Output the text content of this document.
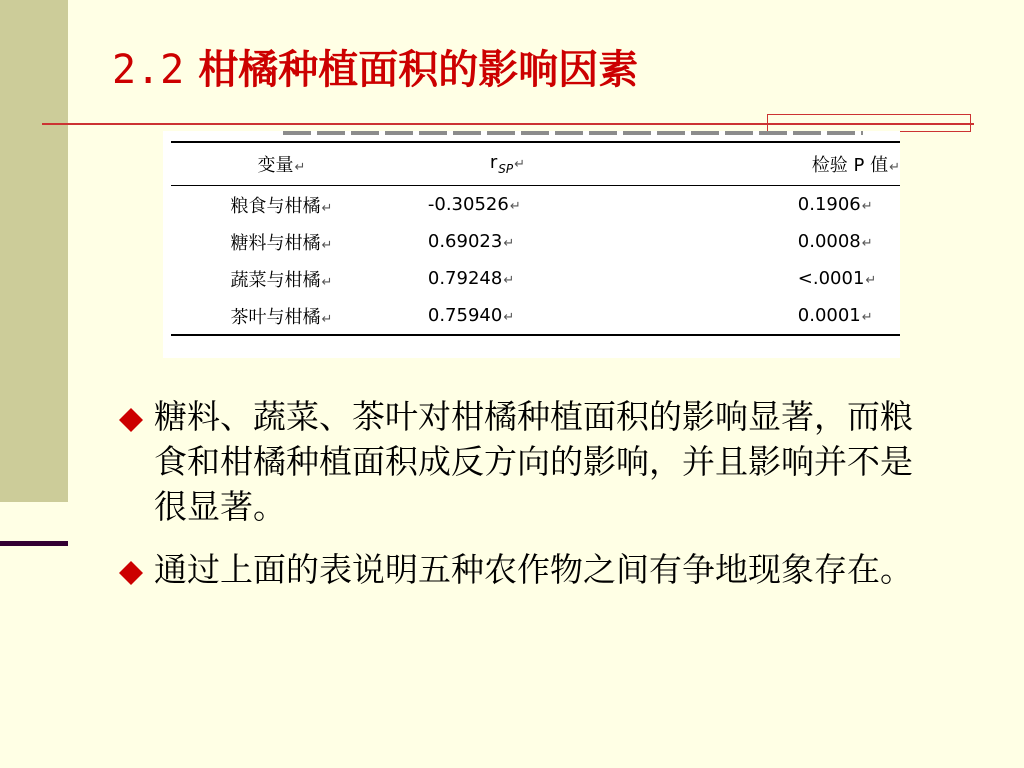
2.2 柑橘种植面积的影响因素
变量↵	$r_{SP}↵$	检验 P 值↵
粮食与柑橘↵	-0.30526↵	0.1906↵
糖料与柑橘↵	0.69023↵	0.0008↵
蔬菜与柑橘↵	0.79248↵	<.0001↵
茶叶与柑橘↵	0.75940↵	0.0001↵
糖料、蔬菜、茶叶对柑橘种植面积的影响显著，而粮食和柑橘种植面积成反方向的影响，并且影响并不是很显著。
通过上面的表说明五种农作物之间有争地现象存在。
